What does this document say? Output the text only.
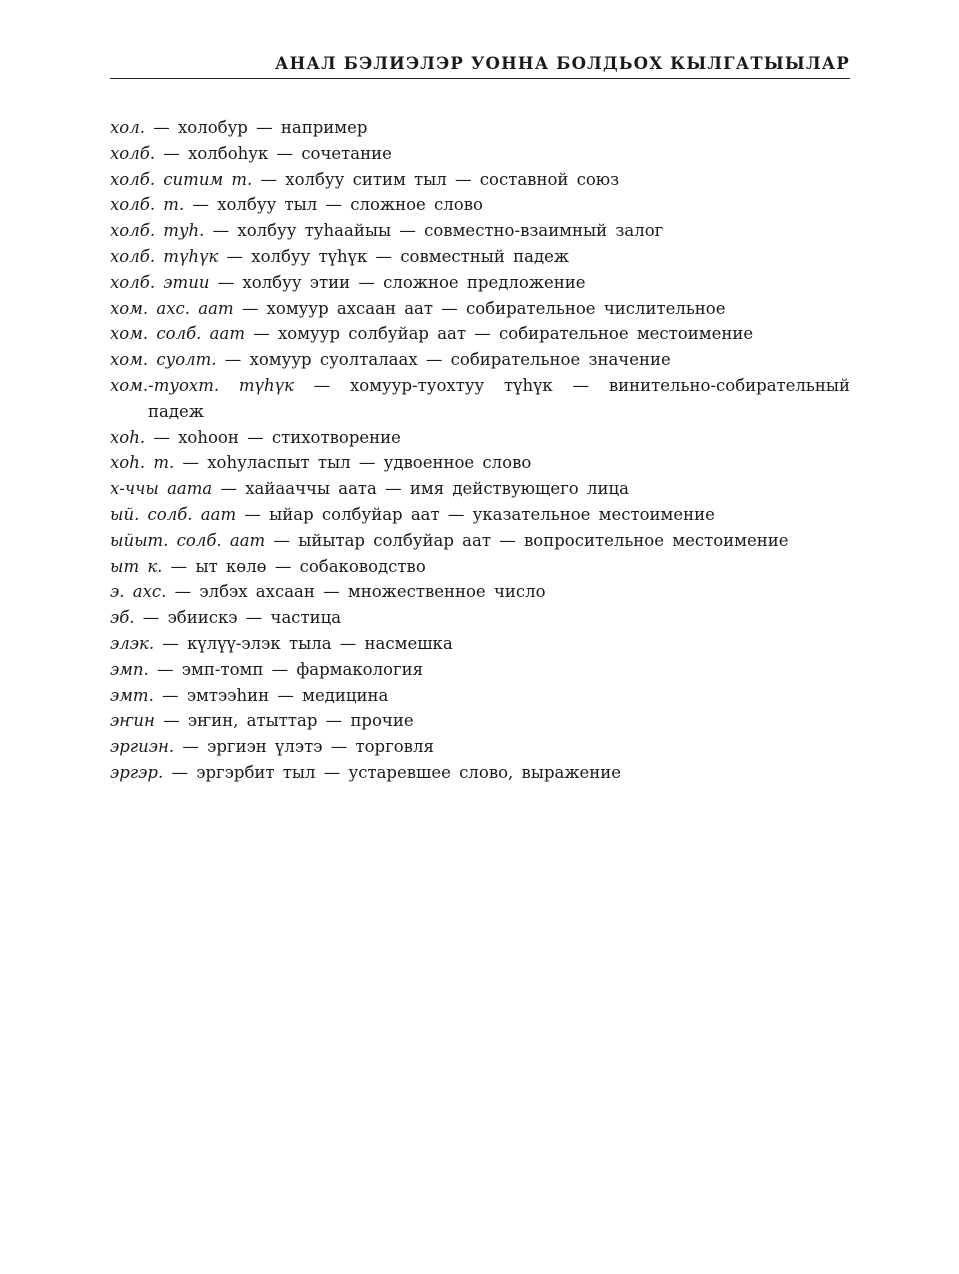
АНАЛ БЭЛИЭЛЭР УОННА БОЛДЬОХ КЫЛГАТЫЫЛАР
хол. — холобур — например
холб. — холбоһук — сочетание
холб. ситим т. — холбуу ситим тыл — составной союз
холб. т. — холбуу тыл — сложное слово
холб. туһ. — холбуу туһаайыы — совместно-взаимный залог
холб. түһүк — холбуу түһүк — совместный падеж
холб. этии — холбуу этии — сложное предложение
хом. ахс. аат — хомуур ахсаан аат — собирательное числительное
хом. солб. аат — хомуур солбуйар аат — собирательное местоимение
хом. суолт. — хомуур суолталаах — собирательное значение
хом.-туохт. түһүк — хомуур-туохтуу түһүк — винительно-собирательный падеж
хоһ. — хоһоон — стихотворение
хоһ. т. — хоһуласпыт тыл — удвоенное слово
х-ччы аата — хайааччы аата — имя действующего лица
ый. солб. аат — ыйар солбуйар аат — указательное местоимение
ыйыт. солб. аат — ыйытар солбуйар аат — вопросительное местоимение
ыт к. — ыт көлө — собаководство
э. ахс. — элбэх ахсаан — множественное число
эб. — эбиискэ — частица
элэк. — күлүү-элэк тыла — насмешка
эмп. — эмп-томп — фармакология
эмт. — эмтээһин — медицина
эҥин — эҥин, атыттар — прочие
эргиэн. — эргиэн үлэтэ — торговля
эргэр. — эргэрбит тыл — устаревшее слово, выражение
